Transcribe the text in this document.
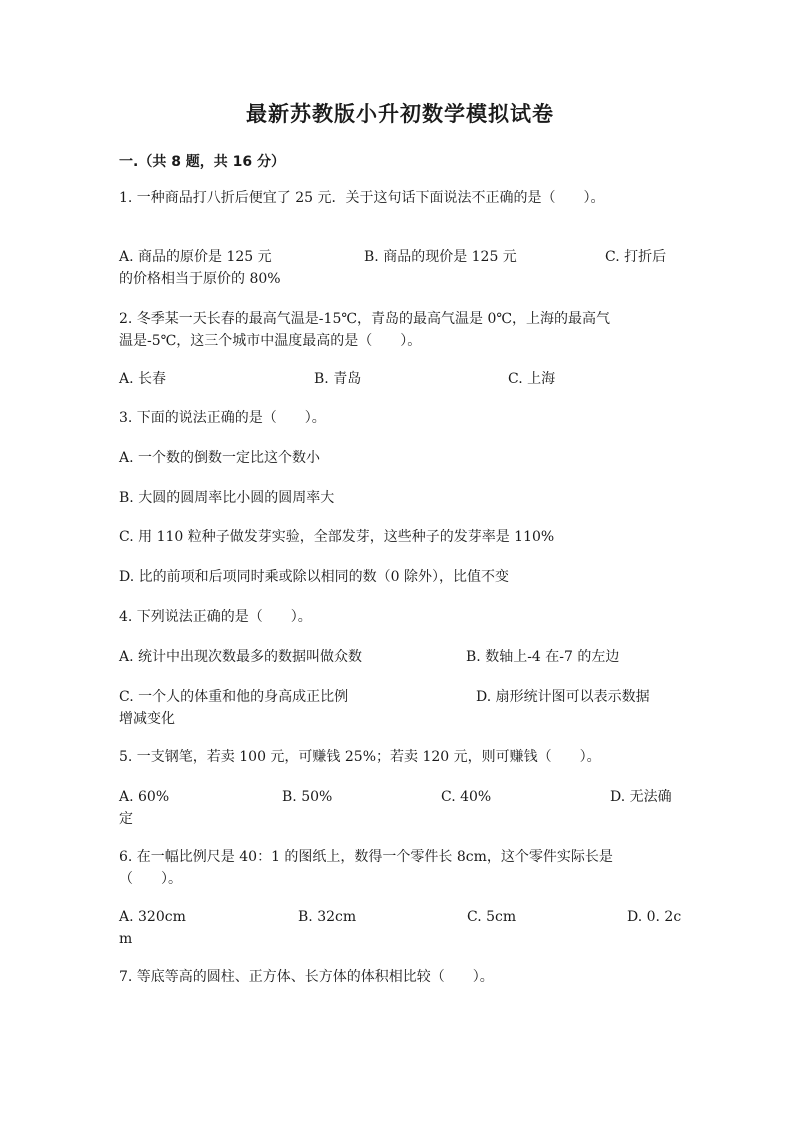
最新苏教版小升初数学模拟试卷
一.（共 8 题，共 16 分）
1. 一种商品打八折后便宜了 25 元．关于这句话下面说法不正确的是（　　）。
A. 商品的原价是 125 元	B. 商品的现价是 125 元	C. 打折后
的价格相当于原价的 80%
2. 冬季某一天长春的最高气温是-15℃，青岛的最高气温是 0℃，上海的最高气
温是-5℃，这三个城市中温度最高的是（　　）。
A. 长春	B. 青岛	C. 上海
3. 下面的说法正确的是（　　）。
A. 一个数的倒数一定比这个数小
B. 大圆的圆周率比小圆的圆周率大
C. 用 110 粒种子做发芽实验，全部发芽，这些种子的发芽率是 110%
D. 比的前项和后项同时乘或除以相同的数（0 除外），比值不变
4. 下列说法正确的是（　　）。
A. 统计中出现次数最多的数据叫做众数	B. 数轴上-4 在-7 的左边
C. 一个人的体重和他的身高成正比例	D. 扇形统计图可以表示数据
增减变化
5. 一支钢笔，若卖 100 元，可赚钱 25%；若卖 120 元，则可赚钱（　　）。
A. 60%	B. 50%	C. 40%	D. 无法确
定
6. 在一幅比例尺是 40：1 的图纸上，数得一个零件长 8cm，这个零件实际长是
（　　）。
A. 320cm	B. 32cm	C. 5cm	D. 0. 2c
m
7. 等底等高的圆柱、正方体、长方体的体积相比较（　　）。
